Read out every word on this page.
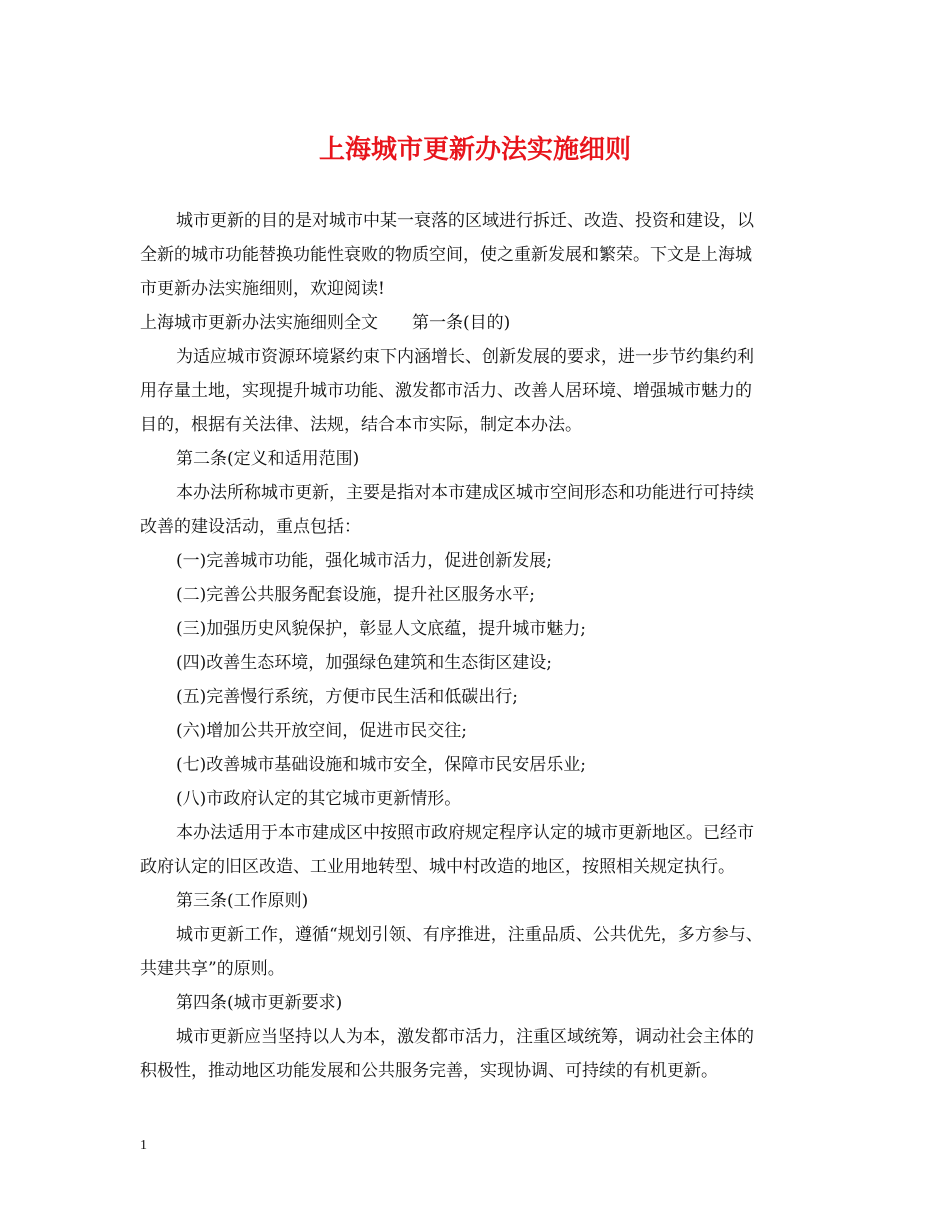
上海城市更新办法实施细则
城市更新的目的是对城市中某一衰落的区域进行拆迁、改造、投资和建设，以
全新的城市功能替换功能性衰败的物质空间，使之重新发展和繁荣。下文是上海城
市更新办法实施细则，欢迎阅读!
上海城市更新办法实施细则全文　　第一条(目的)
为适应城市资源环境紧约束下内涵增长、创新发展的要求，进一步节约集约利
用存量土地，实现提升城市功能、激发都市活力、改善人居环境、增强城市魅力的
目的，根据有关法律、法规，结合本市实际，制定本办法。
第二条(定义和适用范围)
本办法所称城市更新，主要是指对本市建成区城市空间形态和功能进行可持续
改善的建设活动，重点包括：
(一)完善城市功能，强化城市活力，促进创新发展;
(二)完善公共服务配套设施，提升社区服务水平;
(三)加强历史风貌保护，彰显人文底蕴，提升城市魅力;
(四)改善生态环境，加强绿色建筑和生态街区建设;
(五)完善慢行系统，方便市民生活和低碳出行;
(六)增加公共开放空间，促进市民交往;
(七)改善城市基础设施和城市安全，保障市民安居乐业;
(八)市政府认定的其它城市更新情形。
本办法适用于本市建成区中按照市政府规定程序认定的城市更新地区。已经市
政府认定的旧区改造、工业用地转型、城中村改造的地区，按照相关规定执行。
第三条(工作原则)
城市更新工作，遵循“规划引领、有序推进，注重品质、公共优先，多方参与、
共建共享”的原则。
第四条(城市更新要求)
城市更新应当坚持以人为本，激发都市活力，注重区域统筹，调动社会主体的
积极性，推动地区功能发展和公共服务完善，实现协调、可持续的有机更新。
1
